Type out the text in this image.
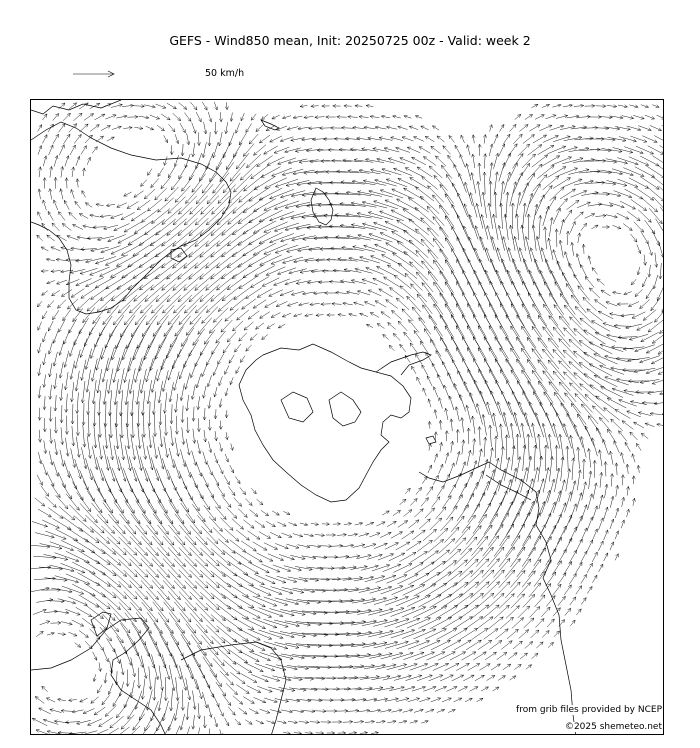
GEFS - Wind850 mean, Init: 20250725 00z - Valid: week 2
50 km/h
from grib files provided by NCEP
©2025 shemeteo.net
